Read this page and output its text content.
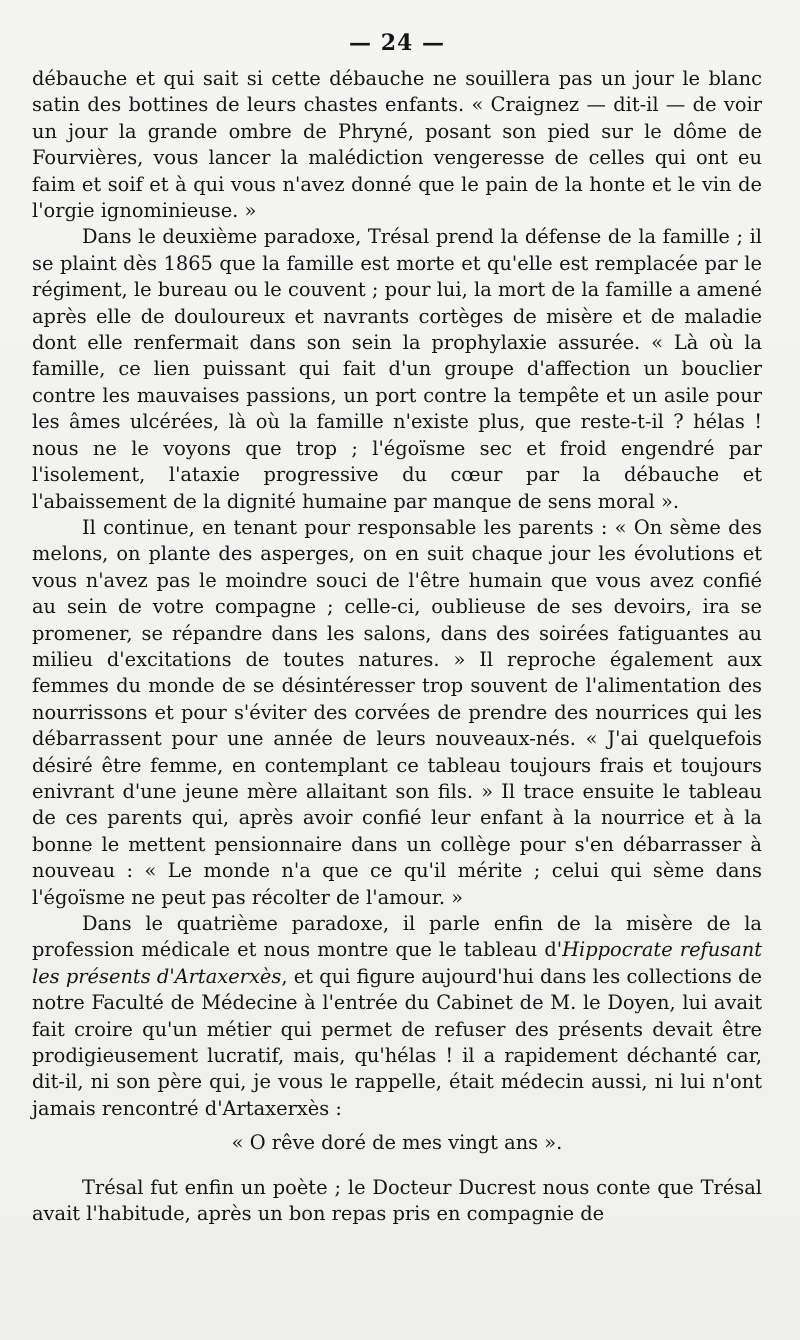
— 24 —

débauche et qui sait si cette débauche ne souillera pas un jour le blanc satin des bottines de leurs chastes enfants. « Craignez — dit-il — de voir un jour la grande ombre de Phryné, posant son pied sur le dôme de Fourvières, vous lancer la malédiction vengeresse de celles qui ont eu faim et soif et à qui vous n'avez donné que le pain de la honte et le vin de l'orgie ignominieuse. »

Dans le deuxième paradoxe, Trésal prend la défense de la famille ; il se plaint dès 1865 que la famille est morte et qu'elle est remplacée par le régiment, le bureau ou le couvent ; pour lui, la mort de la famille a amené après elle de douloureux et navrants cortèges de misère et de maladie dont elle renfermait dans son sein la prophylaxie assurée. « Là où la famille, ce lien puissant qui fait d'un groupe d'affection un bouclier contre les mauvaises passions, un port contre la tempête et un asile pour les âmes ulcérées, là où la famille n'existe plus, que reste-t-il ? hélas ! nous ne le voyons que trop ; l'égoïsme sec et froid engendré par l'isolement, l'ataxie progressive du cœur par la débauche et l'abaissement de la dignité humaine par manque de sens moral ».

Il continue, en tenant pour responsable les parents : « On sème des melons, on plante des asperges, on en suit chaque jour les évolutions et vous n'avez pas le moindre souci de l'être humain que vous avez confié au sein de votre compagne ; celle-ci, oublieuse de ses devoirs, ira se promener, se répandre dans les salons, dans des soirées fatiguantes au milieu d'excitations de toutes natures. » Il reproche également aux femmes du monde de se désintéresser trop souvent de l'alimentation des nourrissons et pour s'éviter des corvées de prendre des nourrices qui les débarrassent pour une année de leurs nouveaux-nés. « J'ai quelquefois désiré être femme, en contemplant ce tableau toujours frais et toujours enivrant d'une jeune mère allaitant son fils. » Il trace ensuite le tableau de ces parents qui, après avoir confié leur enfant à la nourrice et à la bonne le mettent pensionnaire dans un collège pour s'en débarrasser à nouveau : « Le monde n'a que ce qu'il mérite ; celui qui sème dans l'égoïsme ne peut pas récolter de l'amour. »

Dans le quatrième paradoxe, il parle enfin de la misère de la profession médicale et nous montre que le tableau d'Hippocrate refusant les présents d'Artaxerxès, et qui figure aujourd'hui dans les collections de notre Faculté de Médecine à l'entrée du Cabinet de M. le Doyen, lui avait fait croire qu'un métier qui permet de refuser des présents devait être prodigieusement lucratif, mais, qu'hélas ! il a rapidement déchanté car, dit-il, ni son père qui, je vous le rappelle, était médecin aussi, ni lui n'ont jamais rencontré d'Artaxerxès :

« O rêve doré de mes vingt ans ».

Trésal fut enfin un poète ; le Docteur Ducrest nous conte que Trésal avait l'habitude, après un bon repas pris en compagnie de
